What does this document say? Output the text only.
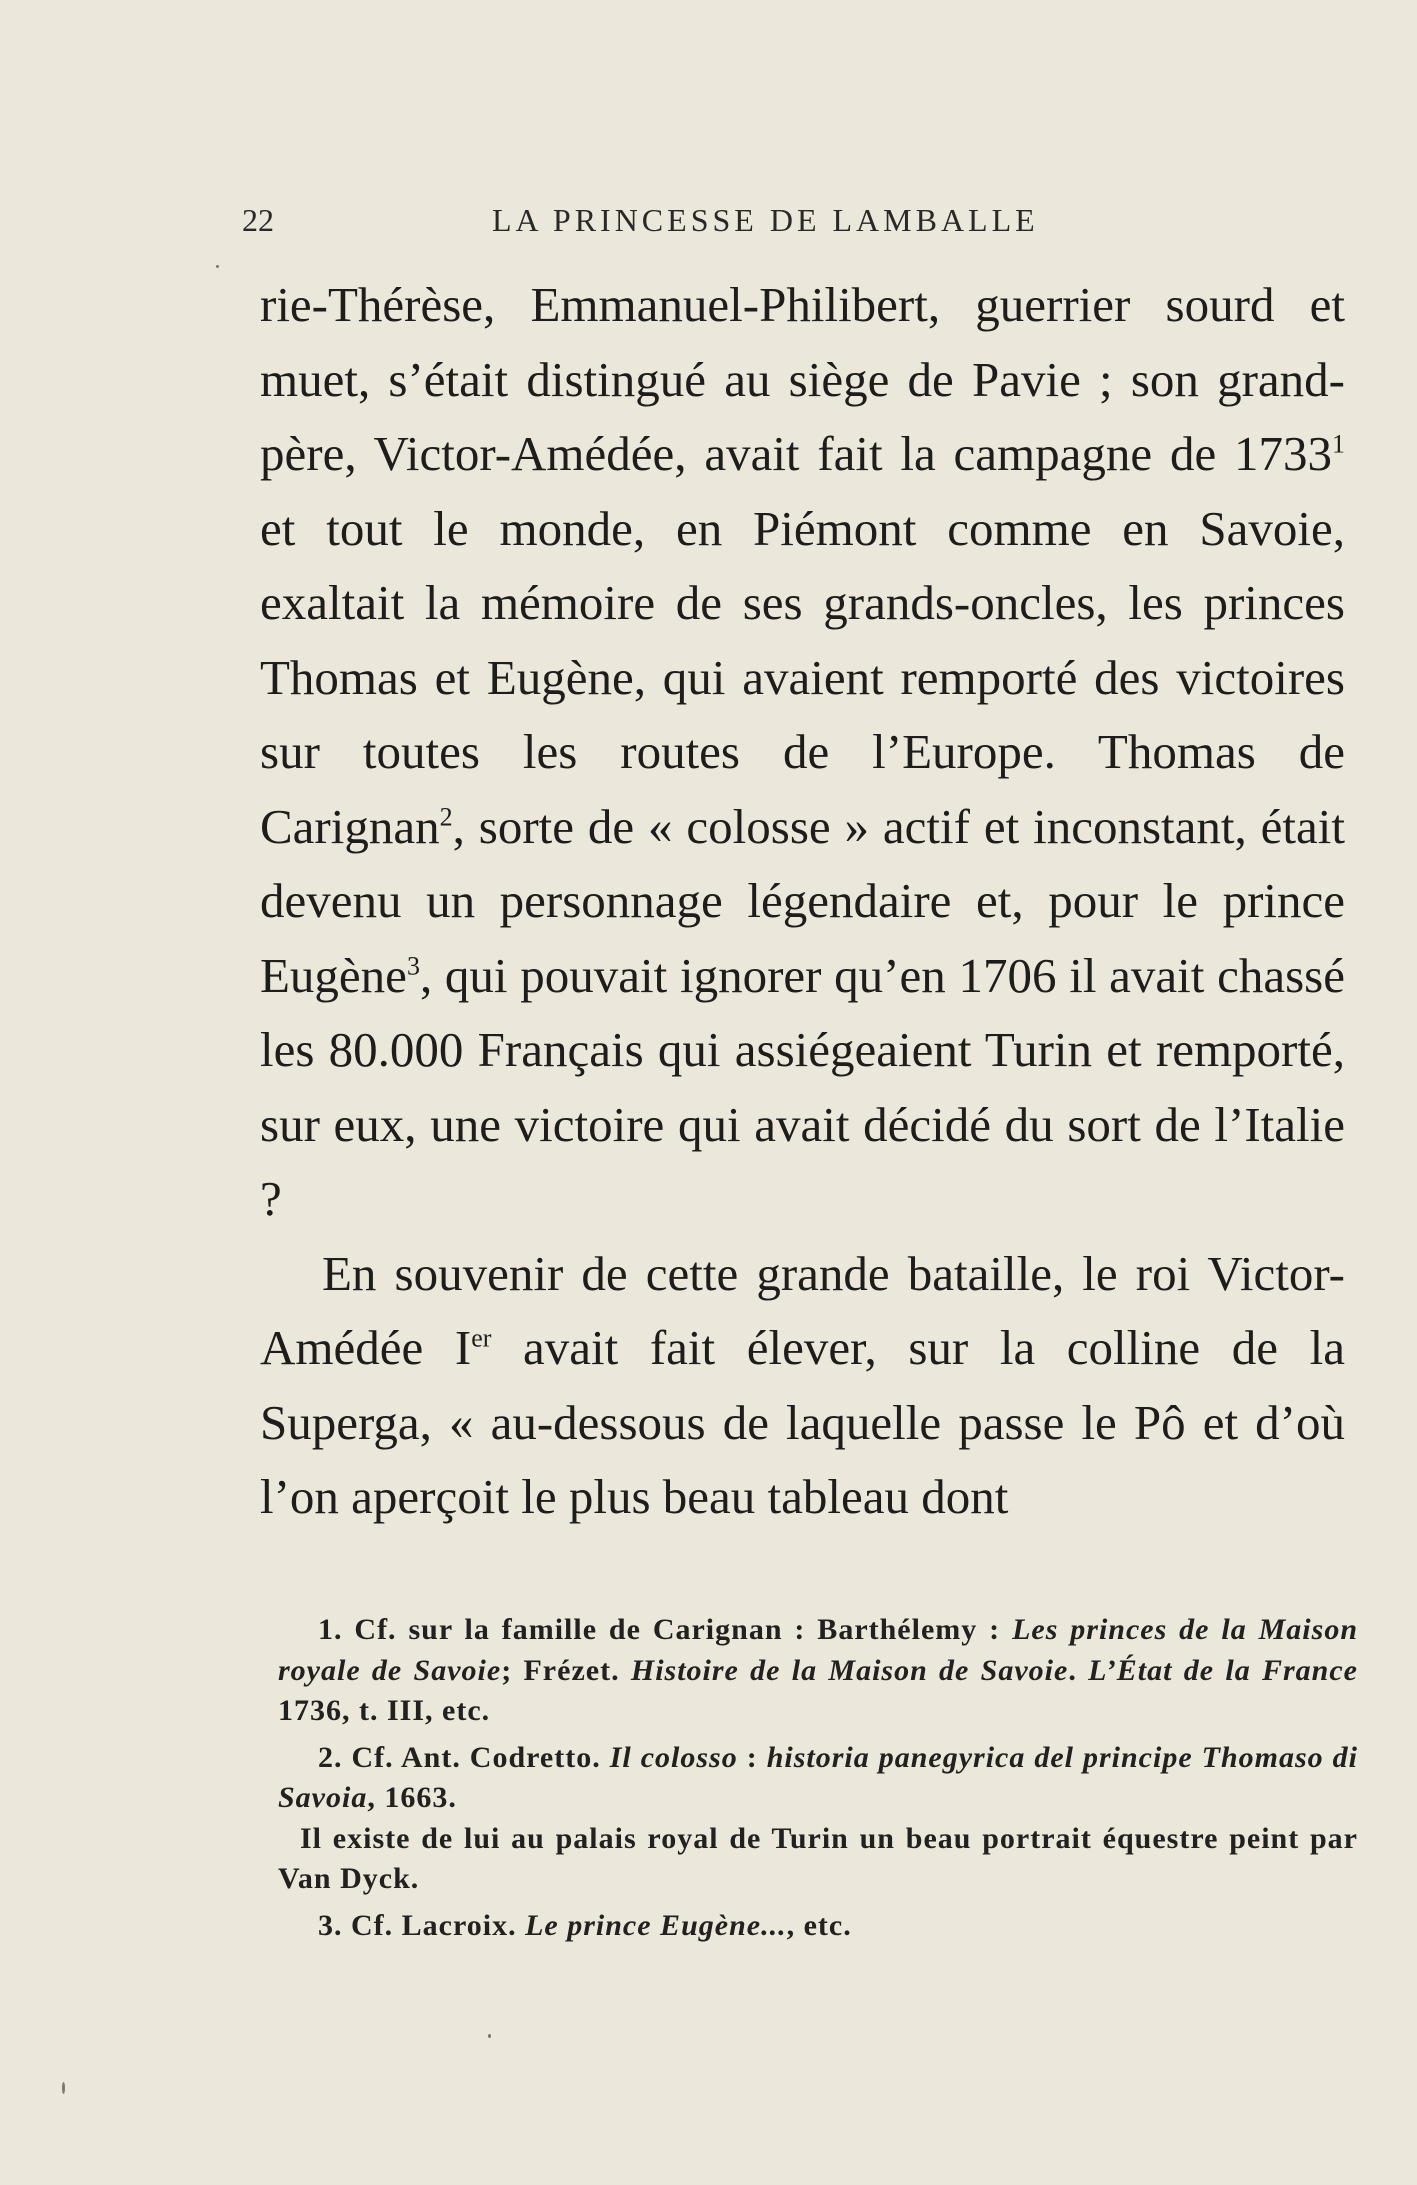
22	LA PRINCESSE DE LAMBALLE

rie-Thérèse, Emmanuel-Philibert, guerrier sourd et muet, s’était distingué au siège de Pavie ; son grand-père, Victor-Amédée, avait fait la campagne de 1733$^1$ et tout le monde, en Piémont comme en Savoie, exaltait la mémoire de ses grands-oncles, les princes Thomas et Eugène, qui avaient remporté des victoires sur toutes les routes de l’Europe. Thomas de Carignan$^2$, sorte de « colosse » actif et inconstant, était devenu un personnage légendaire et, pour le prince Eugène$^3$, qui pouvait ignorer qu’en 1706 il avait chassé les 80.000 Français qui assiégeaient Turin et remporté, sur eux, une victoire qui avait décidé du sort de l’Italie ?

En souvenir de cette grande bataille, le roi Victor-Amédée Ier avait fait élever, sur la colline de la Superga, « au-dessous de laquelle passe le Pô et d’où l’on aperçoit le plus beau tableau dont

1. Cf. sur la famille de Carignan : Barthélemy : Les princes de la Maison royale de Savoie; Frézet. Histoire de la Maison de Savoie. L’État de la France 1736, t. III, etc.

2. Cf. Ant. Codretto. Il colosso : historia panegyrica del principe Thomaso di Savoia, 1663.

Il existe de lui au palais royal de Turin un beau portrait équestre peint par Van Dyck.

3. Cf. Lacroix. Le prince Eugène..., etc.
